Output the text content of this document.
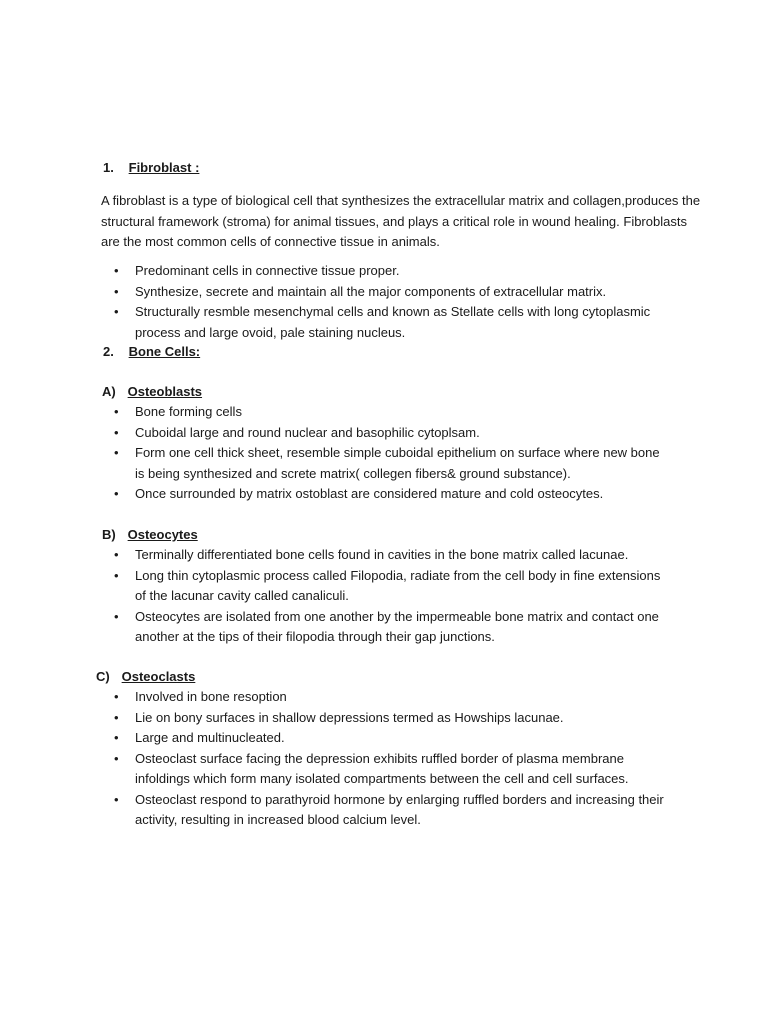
1. Fibroblast :
A fibroblast is a type of biological cell that synthesizes the extracellular matrix and collagen,produces the structural framework (stroma) for animal tissues, and plays a critical role in wound healing. Fibroblasts are the most common cells of connective tissue in animals.
• Predominant cells in connective tissue proper.
• Synthesize, secrete and maintain all the major components of extracellular matrix.
• Structurally resmble mesenchymal cells and known as Stellate cells with long cytoplasmic process and large ovoid, pale staining nucleus.
2. Bone Cells:
A) Osteoblasts
• Bone forming cells
• Cuboidal large and round nuclear and basophilic cytoplsam.
• Form one cell thick sheet, resemble simple cuboidal epithelium on surface where new bone is being synthesized and screte matrix( collegen fibers& ground substance).
• Once surrounded by matrix ostoblast are considered mature and cold osteocytes.
B) Osteocytes
• Terminally differentiated bone cells found in cavities in the bone matrix called lacunae.
• Long thin cytoplasmic process called Filopodia, radiate from the cell body in fine extensions of the lacunar cavity called canaliculi.
• Osteocytes are isolated from one another by the impermeable bone matrix and contact one another at the tips of their filopodia through their gap junctions.
C) Osteoclasts
• Involved in bone resoption
• Lie on bony surfaces in shallow depressions termed as Howships lacunae.
• Large and multinucleated.
• Osteoclast surface facing the depression exhibits ruffled border of plasma membrane infoldings which form many isolated compartments between the cell and cell surfaces.
• Osteoclast respond to parathyroid hormone by enlarging ruffled borders and increasing their activity, resulting in increased blood calcium level.
